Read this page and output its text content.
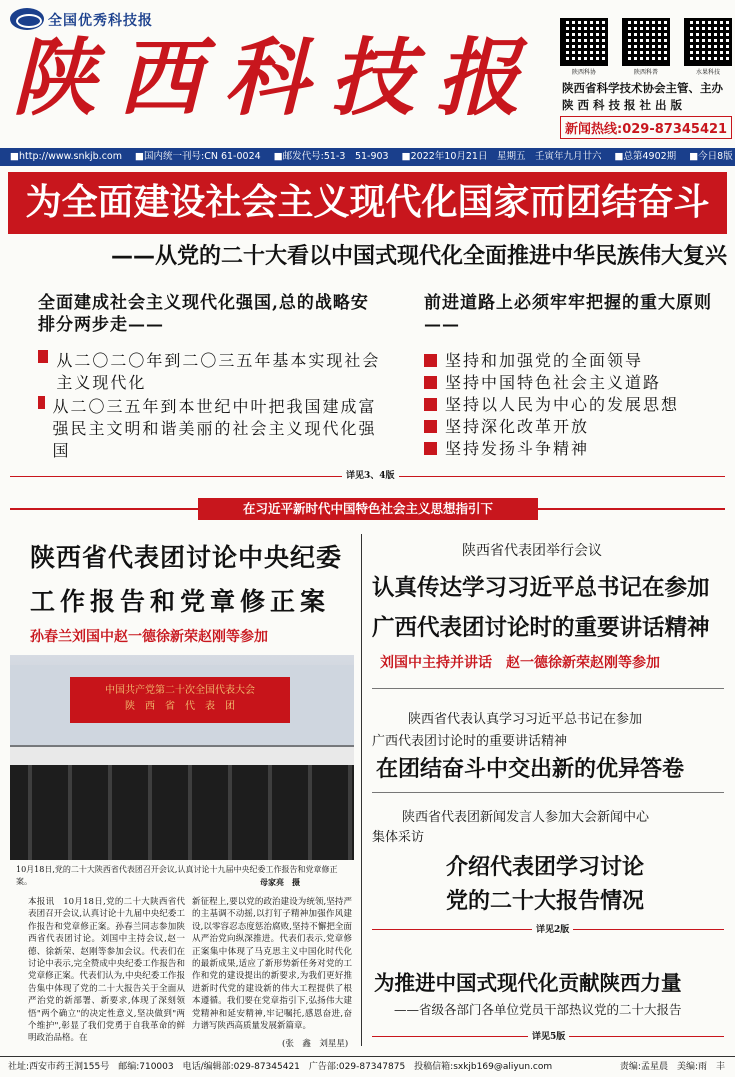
全国优秀科技报
陕西科技报	陕西科协	陕西科普	水果科技
陕西省科学技术协会主管、主办
陕 西 科 技 报 社 出 版
新闻热线:029-87345421
■http://www.snkjb.com ■国内统一刊号:CN 61-0024 ■邮发代号:51-3　51-903 ■2022年10月21日　星期五　壬寅年九月廿六 ■总第4902期 ■今日8版
为全面建设社会主义现代化国家而团结奋斗
——从党的二十大看以中国式现代化全面推进中华民族伟大复兴
全面建成社会主义现代化强国,总的战略安排分两步走——
从二〇二〇年到二〇三五年基本实现社会主义现代化
从二〇三五年到本世纪中叶把我国建成富强民主文明和谐美丽的社会主义现代化强国
前进道路上必须牢牢把握的重大原则——
坚持和加强党的全面领导
坚持中国特色社会主义道路
坚持以人民为中心的发展思想
坚持深化改革开放
坚持发扬斗争精神
详见3、4版
在习近平新时代中国特色社会主义思想指引下
陕西省代表团讨论中央纪委
工作报告和党章修正案
孙春兰刘国中赵一德徐新荣赵刚等参加
中国共产党第二十次全国代表大会
陕　西　省　代　表　团
10月18日,党的二十大陕西省代表团召开会议,认真讨论十九届中央纪委工作报告和党章修正案。	母家亮　摄
本报讯　10月18日,党的二十大陕西省代表团召开会议,认真讨论十九届中央纪委工作报告和党章修正案。孙春兰同志参加陕西省代表团讨论。刘国中主持会议,赵一德、徐新荣、赵刚等参加会议。代表们在讨论中表示,完全赞成中央纪委工作报告和党章修正案。代表们认为,中央纪委工作报告集中体现了党的二十大报告关于全面从严治党的新部署、新要求,体现了深刻领悟"两个确立"的决定性意义,坚决做到"两个维护",彰显了我们党勇于自我革命的鲜明政治品格。在
新征程上,要以党的政治建设为统领,坚持严的主基调不动摇,以打钉子精神加强作风建设,以零容忍态度惩治腐败,坚持不懈把全面从严治党向纵深推进。代表们表示,党章修正案集中体现了马克思主义中国化时代化的最新成果,适应了新形势新任务对党的工作和党的建设提出的新要求,为我们更好推进新时代党的建设新的伟大工程提供了根本遵循。我们要在党章指引下,弘扬伟大建党精神和延安精神,牢记嘱托,感恩奋进,奋力谱写陕西高质量发展新篇章。
(张　鑫　刘星星)
陕西省代表团举行会议
认真传达学习习近平总书记在参加
广西代表团讨论时的重要讲话精神
刘国中主持并讲话　赵一德徐新荣赵刚等参加
陕西省代表认真学习习近平总书记在参加
广西代表团讨论时的重要讲话精神
在团结奋斗中交出新的优异答卷
陕西省代表团新闻发言人参加大会新闻中心
集体采访
介绍代表团学习讨论
党的二十大报告情况
详见2版
为推进中国式现代化贡献陕西力量
——省级各部门各单位党员干部热议党的二十大报告
详见5版
社址:西安市药王洞155号　邮编:710003　电话/编辑部:029-87345421　广告部:029-87347875　投稿信箱:sxkjb169@aliyun.com	责编:孟星晨　美编:雨　丰
